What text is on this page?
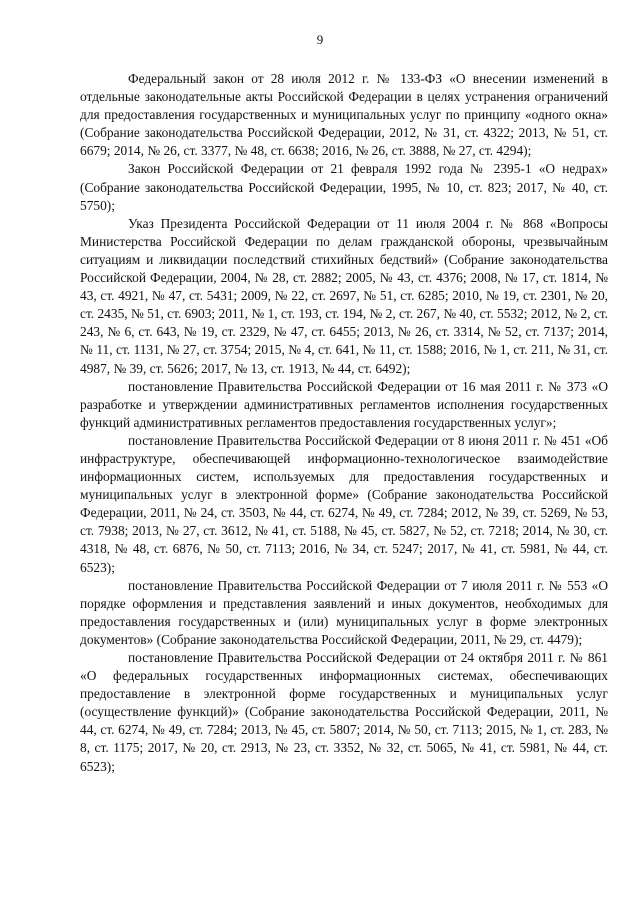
9

Федеральный закон от 28 июля 2012 г. № 133-ФЗ «О внесении изменений в отдельные законодательные акты Российской Федерации в целях устранения ограничений для предоставления государственных и муниципальных услуг по принципу «одного окна» (Собрание законодательства Российской Федерации, 2012, № 31, ст. 4322; 2013, № 51, ст. 6679; 2014, № 26, ст. 3377, № 48, ст. 6638; 2016, № 26, ст. 3888, № 27, ст. 4294);

Закон Российской Федерации от 21 февраля 1992 года № 2395-1 «О недрах» (Собрание законодательства Российской Федерации, 1995, № 10, ст. 823; 2017, № 40, ст. 5750);

Указ Президента Российской Федерации от 11 июля 2004 г. № 868 «Вопросы Министерства Российской Федерации по делам гражданской обороны, чрезвычайным ситуациям и ликвидации последствий стихийных бедствий» (Собрание законодательства Российской Федерации, 2004, № 28, ст. 2882; 2005, № 43, ст. 4376; 2008, № 17, ст. 1814, № 43, ст. 4921, № 47, ст. 5431; 2009, № 22, ст. 2697, № 51, ст. 6285; 2010, № 19, ст. 2301, № 20, ст. 2435, № 51, ст. 6903; 2011, № 1, ст. 193, ст. 194, № 2, ст. 267, № 40, ст. 5532; 2012, № 2, ст. 243, № 6, ст. 643, № 19, ст. 2329, № 47, ст. 6455; 2013, № 26, ст. 3314, № 52, ст. 7137; 2014, № 11, ст. 1131, № 27, ст. 3754; 2015, № 4, ст. 641, № 11, ст. 1588; 2016, № 1, ст. 211, № 31, ст. 4987, № 39, ст. 5626; 2017, № 13, ст. 1913, № 44, ст. 6492);

постановление Правительства Российской Федерации от 16 мая 2011 г. № 373 «О разработке и утверждении административных регламентов исполнения государственных функций административных регламентов предоставления государственных услуг»;

постановление Правительства Российской Федерации от 8 июня 2011 г. № 451 «Об инфраструктуре, обеспечивающей информационно-технологическое взаимодействие информационных систем, используемых для предоставления государственных и муниципальных услуг в электронной форме» (Собрание законодательства Российской Федерации, 2011, № 24, ст. 3503, № 44, ст. 6274, № 49, ст. 7284; 2012, № 39, ст. 5269, № 53, ст. 7938; 2013, № 27, ст. 3612, № 41, ст. 5188, № 45, ст. 5827, № 52, ст. 7218; 2014, № 30, ст. 4318, № 48, ст. 6876, № 50, ст. 7113; 2016, № 34, ст. 5247; 2017, № 41, ст. 5981, № 44, ст. 6523);

постановление Правительства Российской Федерации от 7 июля 2011 г. № 553 «О порядке оформления и представления заявлений и иных документов, необходимых для предоставления государственных и (или) муниципальных услуг в форме электронных документов» (Собрание законодательства Российской Федерации, 2011, № 29, ст. 4479);

постановление Правительства Российской Федерации от 24 октября 2011 г. № 861 «О федеральных государственных информационных системах, обеспечивающих предоставление в электронной форме государственных и муниципальных услуг (осуществление функций)» (Собрание законодательства Российской Федерации, 2011, № 44, ст. 6274, № 49, ст. 7284; 2013, № 45, ст. 5807; 2014, № 50, ст. 7113; 2015, № 1, ст. 283, № 8, ст. 1175; 2017, № 20, ст. 2913, № 23, ст. 3352, № 32, ст. 5065, № 41, ст. 5981, № 44, ст. 6523);
